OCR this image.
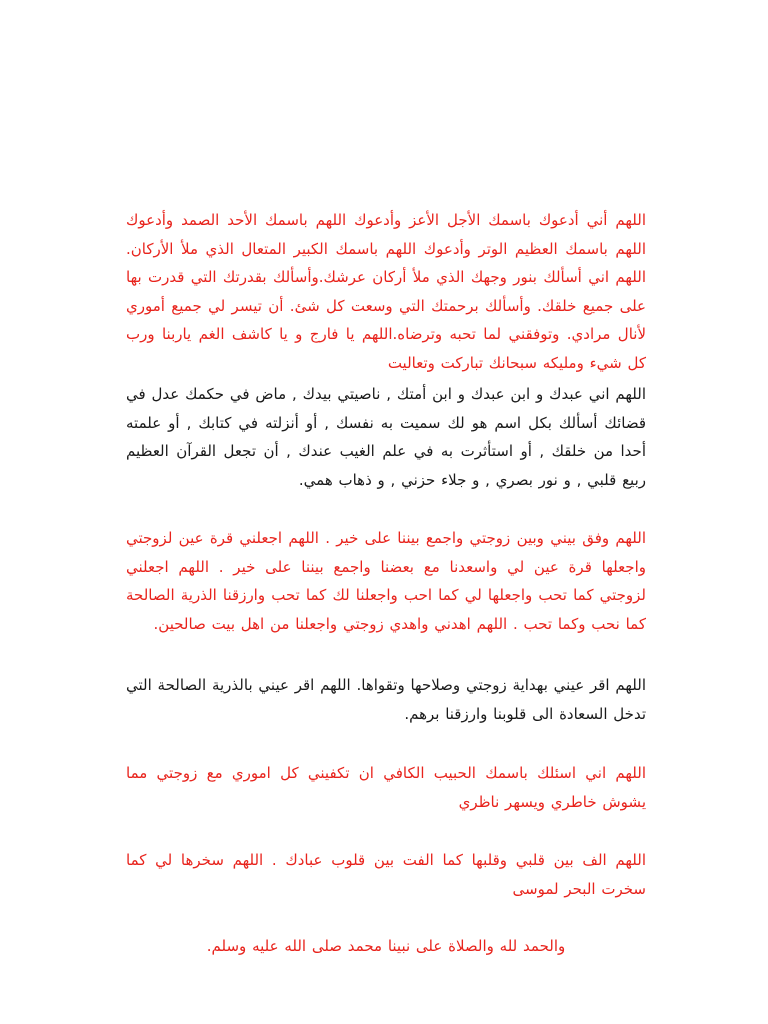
اللهم أني أدعوك باسمك الأجل الأعز وأدعوك اللهم باسمك الأحد الصمد وأدعوك اللهم باسمك العظيم الوتر وأدعوك اللهم باسمك الكبير المتعال الذي ملأ الأركان. اللهم اني أسألك بنور وجهك الذي ملأ أركان عرشك.وأسألك بقدرتك التي قدرت بها على جميع خلقك. وأسألك برحمتك التي وسعت كل شئ. أن تيسر لي جميع أموري لأنال مرادي. وتوفقني لما تحبه وترضاه.اللهم يا فارج و يا كاشف الغم ياربنا ورب كل شيء ومليكه سبحانك تباركت وتعاليت

اللهم اني عبدك و ابن عبدك و ابن أمتك , ناصيتي بيدك , ماض في حكمك عدل في قضائك أسألك بكل اسم هو لك سميت به نفسك , أو أنزلته في كتابك , أو علمته أحدا من خلقك , أو استأثرت به في علم الغيب عندك , أن تجعل القرآن العظيم ربيع قلبي , و نور بصري , و جلاء حزني , و ذهاب همي.

اللهم وفق بيني وبين زوجتي واجمع بيننا على خير . اللهم اجعلني قرة عين لزوجتي واجعلها قرة عين لي واسعدنا مع بعضنا واجمع بيننا على خير . اللهم اجعلني لزوجتي كما تحب واجعلها لي كما احب واجعلنا لك كما تحب وارزقنا الذرية الصالحة كما نحب وكما تحب . اللهم اهدني واهدي زوجتي واجعلنا من اهل بيت صالحين.

اللهم اقر عيني بهداية زوجتي وصلاحها وتقواها. اللهم اقر عيني بالذرية الصالحة التي تدخل السعادة الى قلوبنا وارزقنا برهم.

اللهم اني اسئلك باسمك الحبيب الكافي ان تكفيني كل اموري مع زوجتي مما يشوش خاطري ويسهر ناظري

اللهم الف بين قلبي وقلبها كما الفت بين قلوب عبادك . اللهم سخرها لي كما سخرت البحر لموسى

والحمد لله والصلاة على نبينا محمد صلى الله عليه وسلم.
